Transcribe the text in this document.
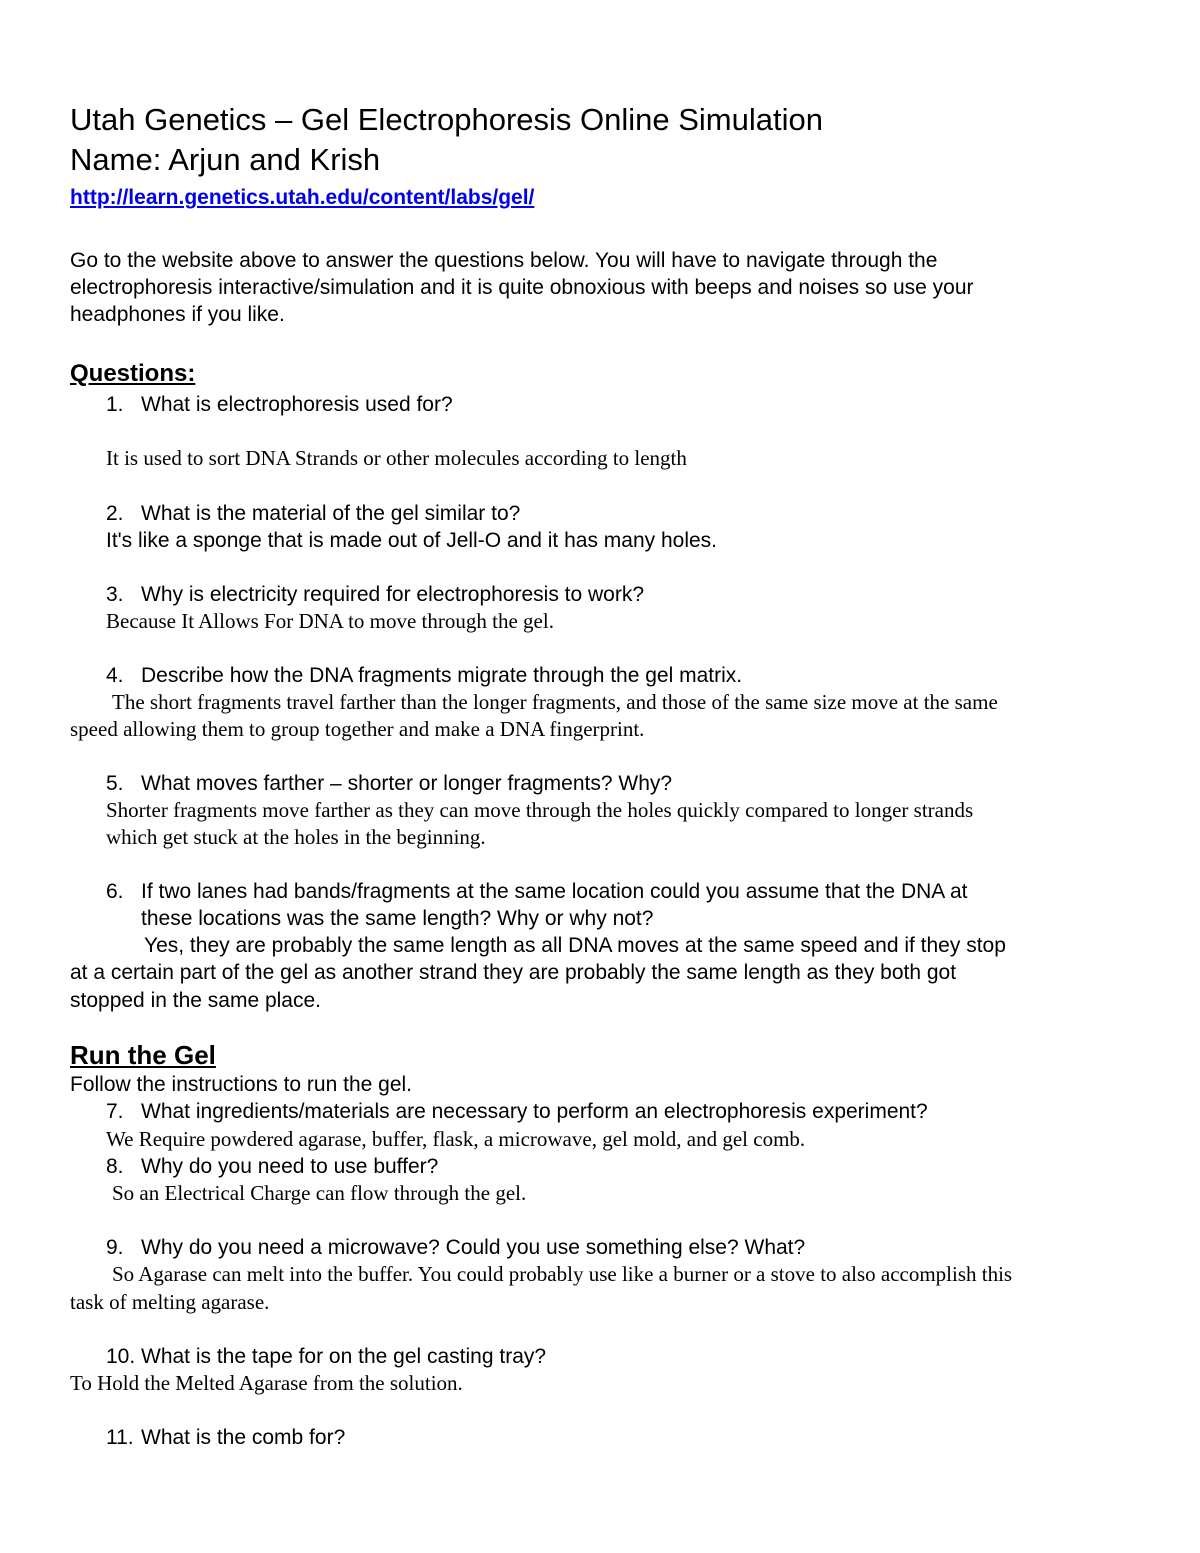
Utah Genetics – Gel Electrophoresis Online Simulation
Name: Arjun and Krish
http://learn.genetics.utah.edu/content/labs/gel/
Go to the website above to answer the questions below. You will have to navigate through the
electrophoresis interactive/simulation and it is quite obnoxious with beeps and noises so use your
headphones if you like.
Questions:
1. What is electrophoresis used for?
It is used to sort DNA Strands or other molecules according to length
2. What is the material of the gel similar to?
It's like a sponge that is made out of Jell-O and it has many holes.
3. Why is electricity required for electrophoresis to work?
Because It Allows For DNA to move through the gel.
4. Describe how the DNA fragments migrate through the gel matrix.
The short fragments travel farther than the longer fragments, and those of the same size move at the same
speed allowing them to group together and make a DNA fingerprint.
5. What moves farther – shorter or longer fragments? Why?
Shorter fragments move farther as they can move through the holes quickly compared to longer strands
which get stuck at the holes in the beginning.
6. If two lanes had bands/fragments at the same location could you assume that the DNA at
these locations was the same length? Why or why not?
Yes, they are probably the same length as all DNA moves at the same speed and if they stop
at a certain part of the gel as another strand they are probably the same length as they both got
stopped in the same place.
Run the Gel
Follow the instructions to run the gel.
7. What ingredients/materials are necessary to perform an electrophoresis experiment?
We Require powdered agarase, buffer, flask, a microwave, gel mold, and gel comb.
8. Why do you need to use buffer?
So an Electrical Charge can flow through the gel.
9. Why do you need a microwave? Could you use something else? What?
So Agarase can melt into the buffer. You could probably use like a burner or a stove to also accomplish this
task of melting agarase.
10. What is the tape for on the gel casting tray?
To Hold the Melted Agarase from the solution.
11. What is the comb for?
